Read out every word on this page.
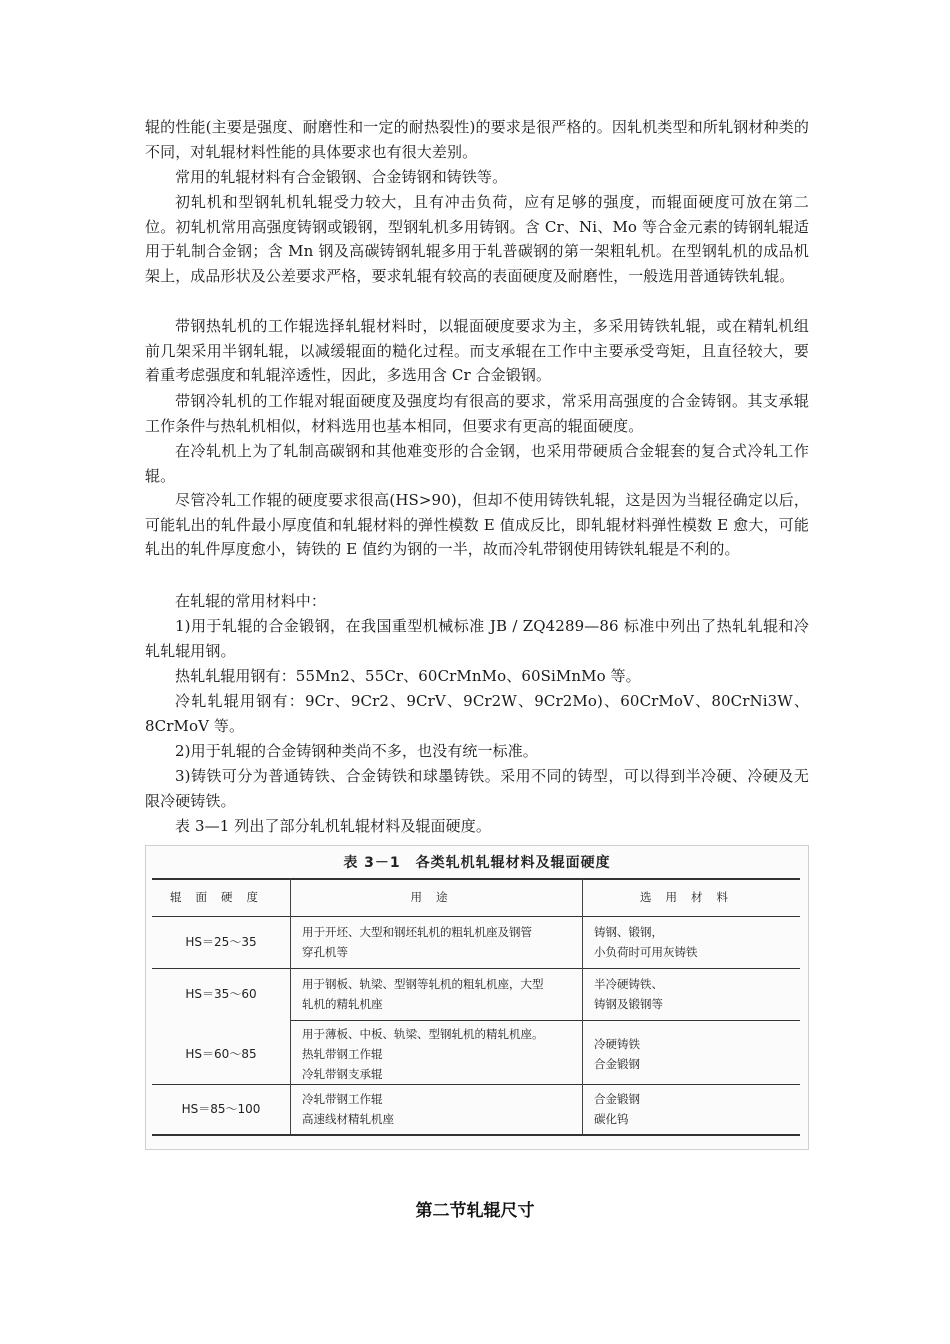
辊的性能(主要是强度、耐磨性和一定的耐热裂性)的要求是很严格的。因轧机类型和所轧钢材种类的不同，对轧辊材料性能的具体要求也有很大差别。

常用的轧辊材料有合金锻钢、合金铸钢和铸铁等。

初轧机和型钢轧机轧辊受力较大，且有冲击负荷，应有足够的强度，而辊面硬度可放在第二位。初轧机常用高强度铸钢或锻钢，型钢轧机多用铸钢。含 Cr、Ni、Mo 等合金元素的铸钢轧辊适用于轧制合金钢；含 Mn 钢及高碳铸钢轧辊多用于轧普碳钢的第一架粗轧机。在型钢轧机的成品机架上，成品形状及公差要求严格，要求轧辊有较高的表面硬度及耐磨性，一般选用普通铸铁轧辊。

带钢热轧机的工作辊选择轧辊材料时，以辊面硬度要求为主，多采用铸铁轧辊，或在精轧机组前几架采用半钢轧辊，以减缓辊面的糙化过程。而支承辊在工作中主要承受弯矩，且直径较大，要着重考虑强度和轧辊淬透性，因此，多选用含 Cr 合金锻钢。

带钢冷轧机的工作辊对辊面硬度及强度均有很高的要求，常采用高强度的合金铸钢。其支承辊工作条件与热轧机相似，材料选用也基本相同，但要求有更高的辊面硬度。

在冷轧机上为了轧制高碳钢和其他难变形的合金钢，也采用带硬质合金辊套的复合式冷轧工作辊。

尽管冷轧工作辊的硬度要求很高(HS>90)，但却不使用铸铁轧辊，这是因为当辊径确定以后，可能轧出的轧件最小厚度值和轧辊材料的弹性模数 E 值成反比，即轧辊材料弹性模数 E 愈大，可能轧出的轧件厚度愈小，铸铁的 E 值约为钢的一半，故而冷轧带钢使用铸铁轧辊是不利的。

在轧辊的常用材料中：

1)用于轧辊的合金锻钢，在我国重型机械标准 JB / ZQ4289—86 标准中列出了热轧轧辊和冷轧轧辊用钢。

热轧轧辊用钢有：55Mn2、55Cr、60CrMnMo、60SiMnMo 等。

冷轧轧辊用钢有：9Cr、9Cr2、9CrV、9Cr2W、9Cr2Mo)、60CrMoV、80CrNi3W、8CrMoV 等。

2)用于轧辊的合金铸钢种类尚不多，也没有统一标准。

3)铸铁可分为普通铸铁、合金铸铁和球墨铸铁。采用不同的铸型，可以得到半冷硬、冷硬及无限冷硬铸铁。

表 3—1 列出了部分轧机轧辊材料及辊面硬度。

表 3－1　各类轧机轧辊材料及辊面硬度
辊面硬度	用途	选用材料
HS＝25～35
用于开坯、大型和钢坯轧机的粗轧机座及钢管
穿孔机等
铸钢、锻钢，
小负荷时可用灰铸铁
HS＝35～60
用于钢板、轨梁、型钢等轧机的粗轧机座，大型
轧机的精轧机座
半冷硬铸铁、
铸钢及锻钢等
HS＝60～85
用于薄板、中板、轨梁、型钢轧机的精轧机座。
热轧带钢工作辊
冷轧带钢支承辊
冷硬铸铁
合金锻钢
HS＝85～100
冷轧带钢工作辊
高速线材精轧机座
合金锻钢
碳化钨
第二节轧辊尺寸
